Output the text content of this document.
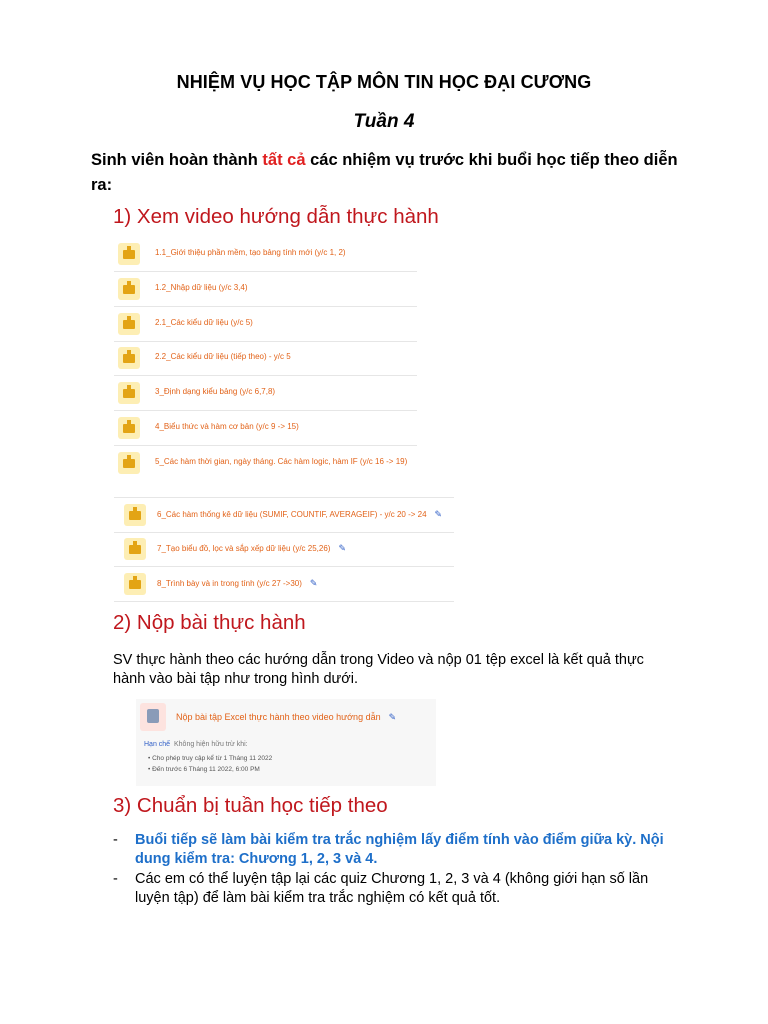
NHIỆM VỤ HỌC TẬP MÔN TIN HỌC ĐẠI CƯƠNG
Tuần 4
Sinh viên hoàn thành tất cả các nhiệm vụ trước khi buổi học tiếp theo diễn ra:
1) Xem video hướng dẫn thực hành
1.1_Giới thiệu phần mềm, tạo bảng tính mới (y/c 1, 2)
1.2_Nhập dữ liệu (y/c 3,4)
2.1_Các kiểu dữ liệu (y/c 5)
2.2_Các kiểu dữ liệu (tiếp theo) - y/c 5
3_Định dạng kiểu bảng (y/c 6,7,8)
4_Biểu thức và hàm cơ bản (y/c 9 -> 15)
5_Các hàm thời gian, ngày tháng. Các hàm logic, hàm IF (y/c 16 -> 19)
6_Các hàm thống kê dữ liệu (SUMIF, COUNTIF, AVERAGEIF) - y/c 20 -> 24 ✎
7_Tạo biểu đồ, lọc và sắp xếp dữ liệu (y/c 25,26) ✎
8_Trình bày và in trong tính (y/c 27 ->30) ✎
2) Nộp bài thực hành
SV thực hành theo các hướng dẫn trong Video và nộp 01 tệp excel là kết quả thực hành vào bài tập như trong hình dưới.
Nộp bài tập Excel thực hành theo video hướng dẫn ✎
Hạn chế Không hiện hữu trừ khi:
• Cho phép truy cập kể từ 1 Tháng 11 2022
• Đến trước 6 Tháng 11 2022, 6:00 PM
3) Chuẩn bị tuần học tiếp theo
- Buổi tiếp sẽ làm bài kiểm tra trắc nghiệm lấy điểm tính vào điểm giữa kỳ. Nội dung kiểm tra: Chương 1, 2, 3 và 4.
- Các em có thể luyện tập lại các quiz Chương 1, 2, 3 và 4 (không giới hạn số lần luyện tập) để làm bài kiểm tra trắc nghiệm có kết quả tốt.
